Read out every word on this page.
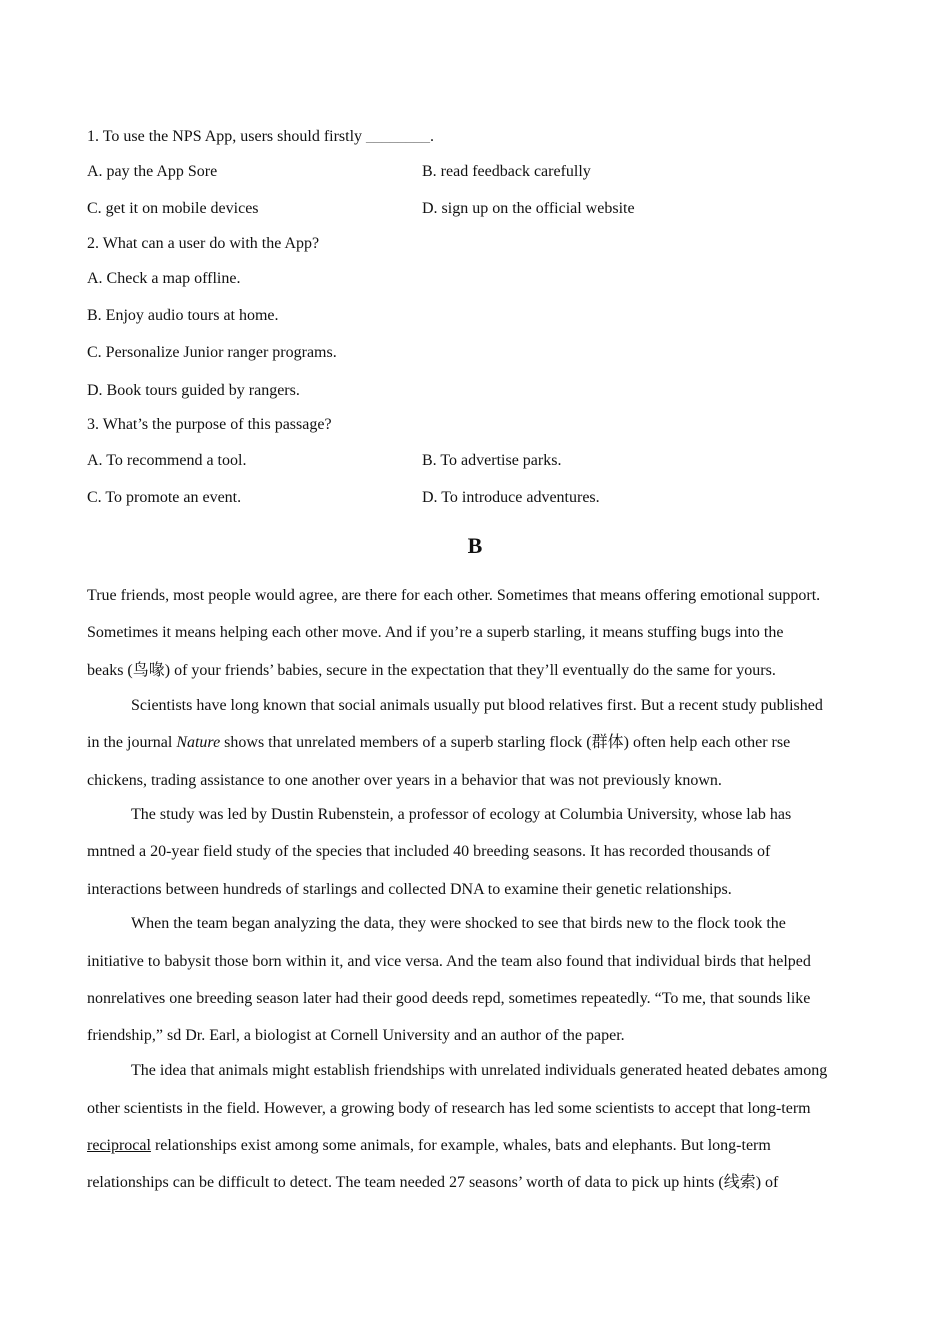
1. To use the NPS App, users should firstly ________.
A. pay the App Sore	B. read feedback carefully
C. get it on mobile devices	D. sign up on the official website
2. What can a user do with the App?
A. Check a map offline.
B. Enjoy audio tours at home.
C. Personalize Junior ranger programs.
D. Book tours guided by rangers.
3. What’s the purpose of this passage?
A. To recommend a tool.	B. To advertise parks.
C. To promote an event.	D. To introduce adventures.
B
True friends, most people would agree, are there for each other. Sometimes that means offering emotional support.
Sometimes it means helping each other move. And if you’re a superb starling, it means stuffing bugs into the
beaks (鸟喙) of your friends’ babies, secure in the expectation that they’ll eventually do the same for yours.
Scientists have long known that social animals usually put blood relatives first. But a recent study published
in the journal Nature shows that unrelated members of a superb starling flock (群体) often help each other rse
chickens, trading assistance to one another over years in a behavior that was not previously known.
The study was led by Dustin Rubenstein, a professor of ecology at Columbia University, whose lab has
mntned a 20-year field study of the species that included 40 breeding seasons. It has recorded thousands of
interactions between hundreds of starlings and collected DNA to examine their genetic relationships.
When the team began analyzing the data, they were shocked to see that birds new to the flock took the
initiative to babysit those born within it, and vice versa. And the team also found that individual birds that helped
nonrelatives one breeding season later had their good deeds repd, sometimes repeatedly. “To me, that sounds like
friendship,” sd Dr. Earl, a biologist at Cornell University and an author of the paper.
The idea that animals might establish friendships with unrelated individuals generated heated debates among
other scientists in the field. However, a growing body of research has led some scientists to accept that long-term
reciprocal relationships exist among some animals, for example, whales, bats and elephants. But long-term
relationships can be difficult to detect. The team needed 27 seasons’ worth of data to pick up hints (线索) of
